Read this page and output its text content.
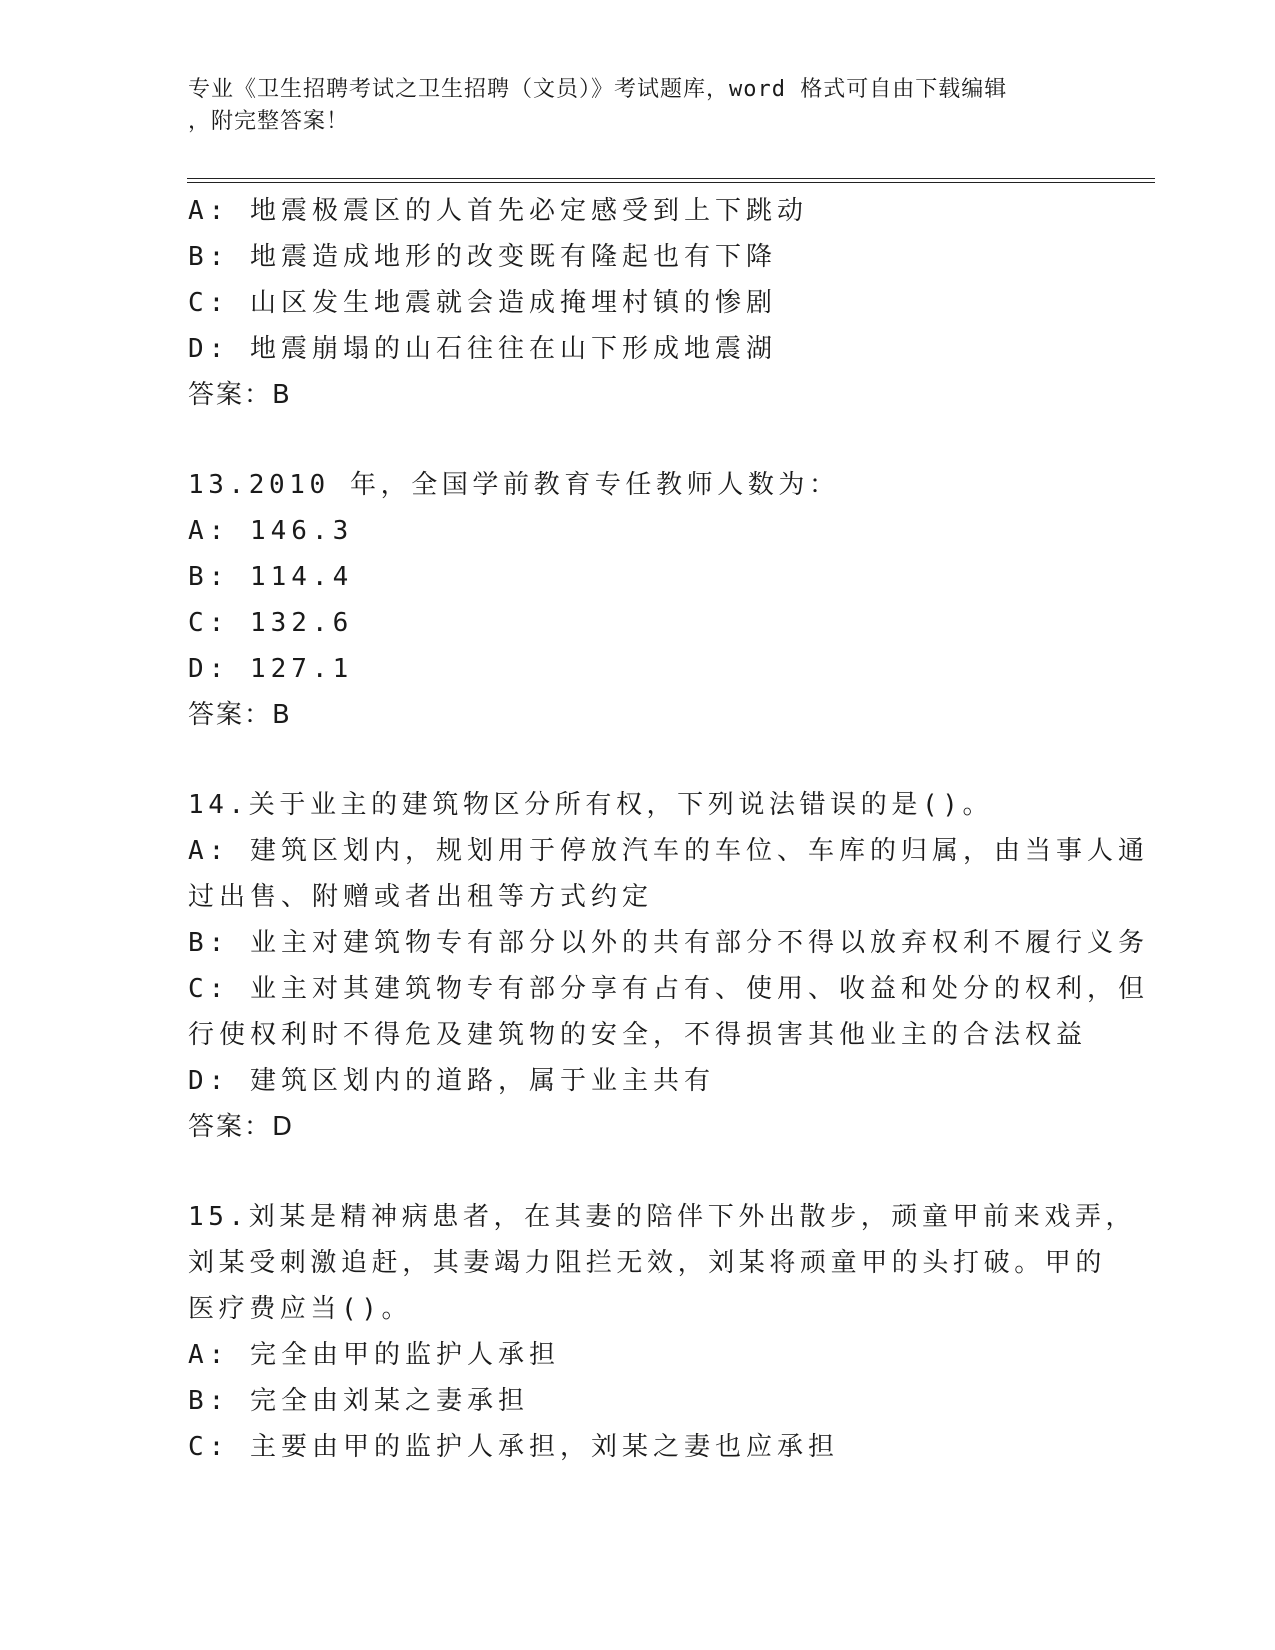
专业《卫生招聘考试之卫生招聘（文员）》考试题库，word 格式可自由下载编辑
，附完整答案！
A: 地震极震区的人首先必定感受到上下跳动
B: 地震造成地形的改变既有隆起也有下降
C: 山区发生地震就会造成掩埋村镇的惨剧
D: 地震崩塌的山石往往在山下形成地震湖
答案：B
13.2010 年，全国学前教育专任教师人数为：
A: 146.3
B: 114.4
C: 132.6
D: 127.1
答案：B
14.关于业主的建筑物区分所有权，下列说法错误的是()。
A: 建筑区划内，规划用于停放汽车的车位、车库的归属，由当事人通
过出售、附赠或者出租等方式约定
B: 业主对建筑物专有部分以外的共有部分不得以放弃权利不履行义务
C: 业主对其建筑物专有部分享有占有、使用、收益和处分的权利，但
行使权利时不得危及建筑物的安全，不得损害其他业主的合法权益
D: 建筑区划内的道路，属于业主共有
答案：D
15.刘某是精神病患者，在其妻的陪伴下外出散步，顽童甲前来戏弄，
刘某受刺激追赶，其妻竭力阻拦无效，刘某将顽童甲的头打破。甲的
医疗费应当()。
A: 完全由甲的监护人承担
B: 完全由刘某之妻承担
C: 主要由甲的监护人承担，刘某之妻也应承担
